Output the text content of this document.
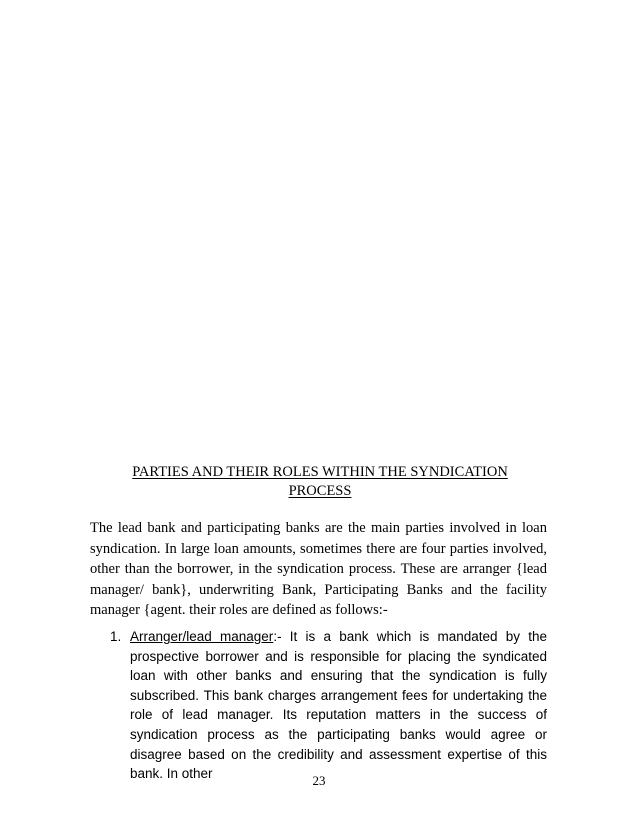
PARTIES AND THEIR ROLES WITHIN THE SYNDICATION
PROCESS

The lead bank and participating banks are the main parties involved in loan syndication. In large loan amounts, sometimes there are four parties involved, other than the borrower, in the syndication process. These are arranger {lead manager/ bank}, underwriting Bank, Participating Banks and the facility manager {agent. their roles are defined as follows:-

1. Arranger/lead manager:- It is a bank which is mandated by the prospective borrower and is responsible for placing the syndicated loan with other banks and ensuring that the syndication is fully subscribed. This bank charges arrangement fees for undertaking the role of lead manager. Its reputation matters in the success of syndication process as the participating banks would agree or disagree based on the credibility and assessment expertise of this bank. In other	23
